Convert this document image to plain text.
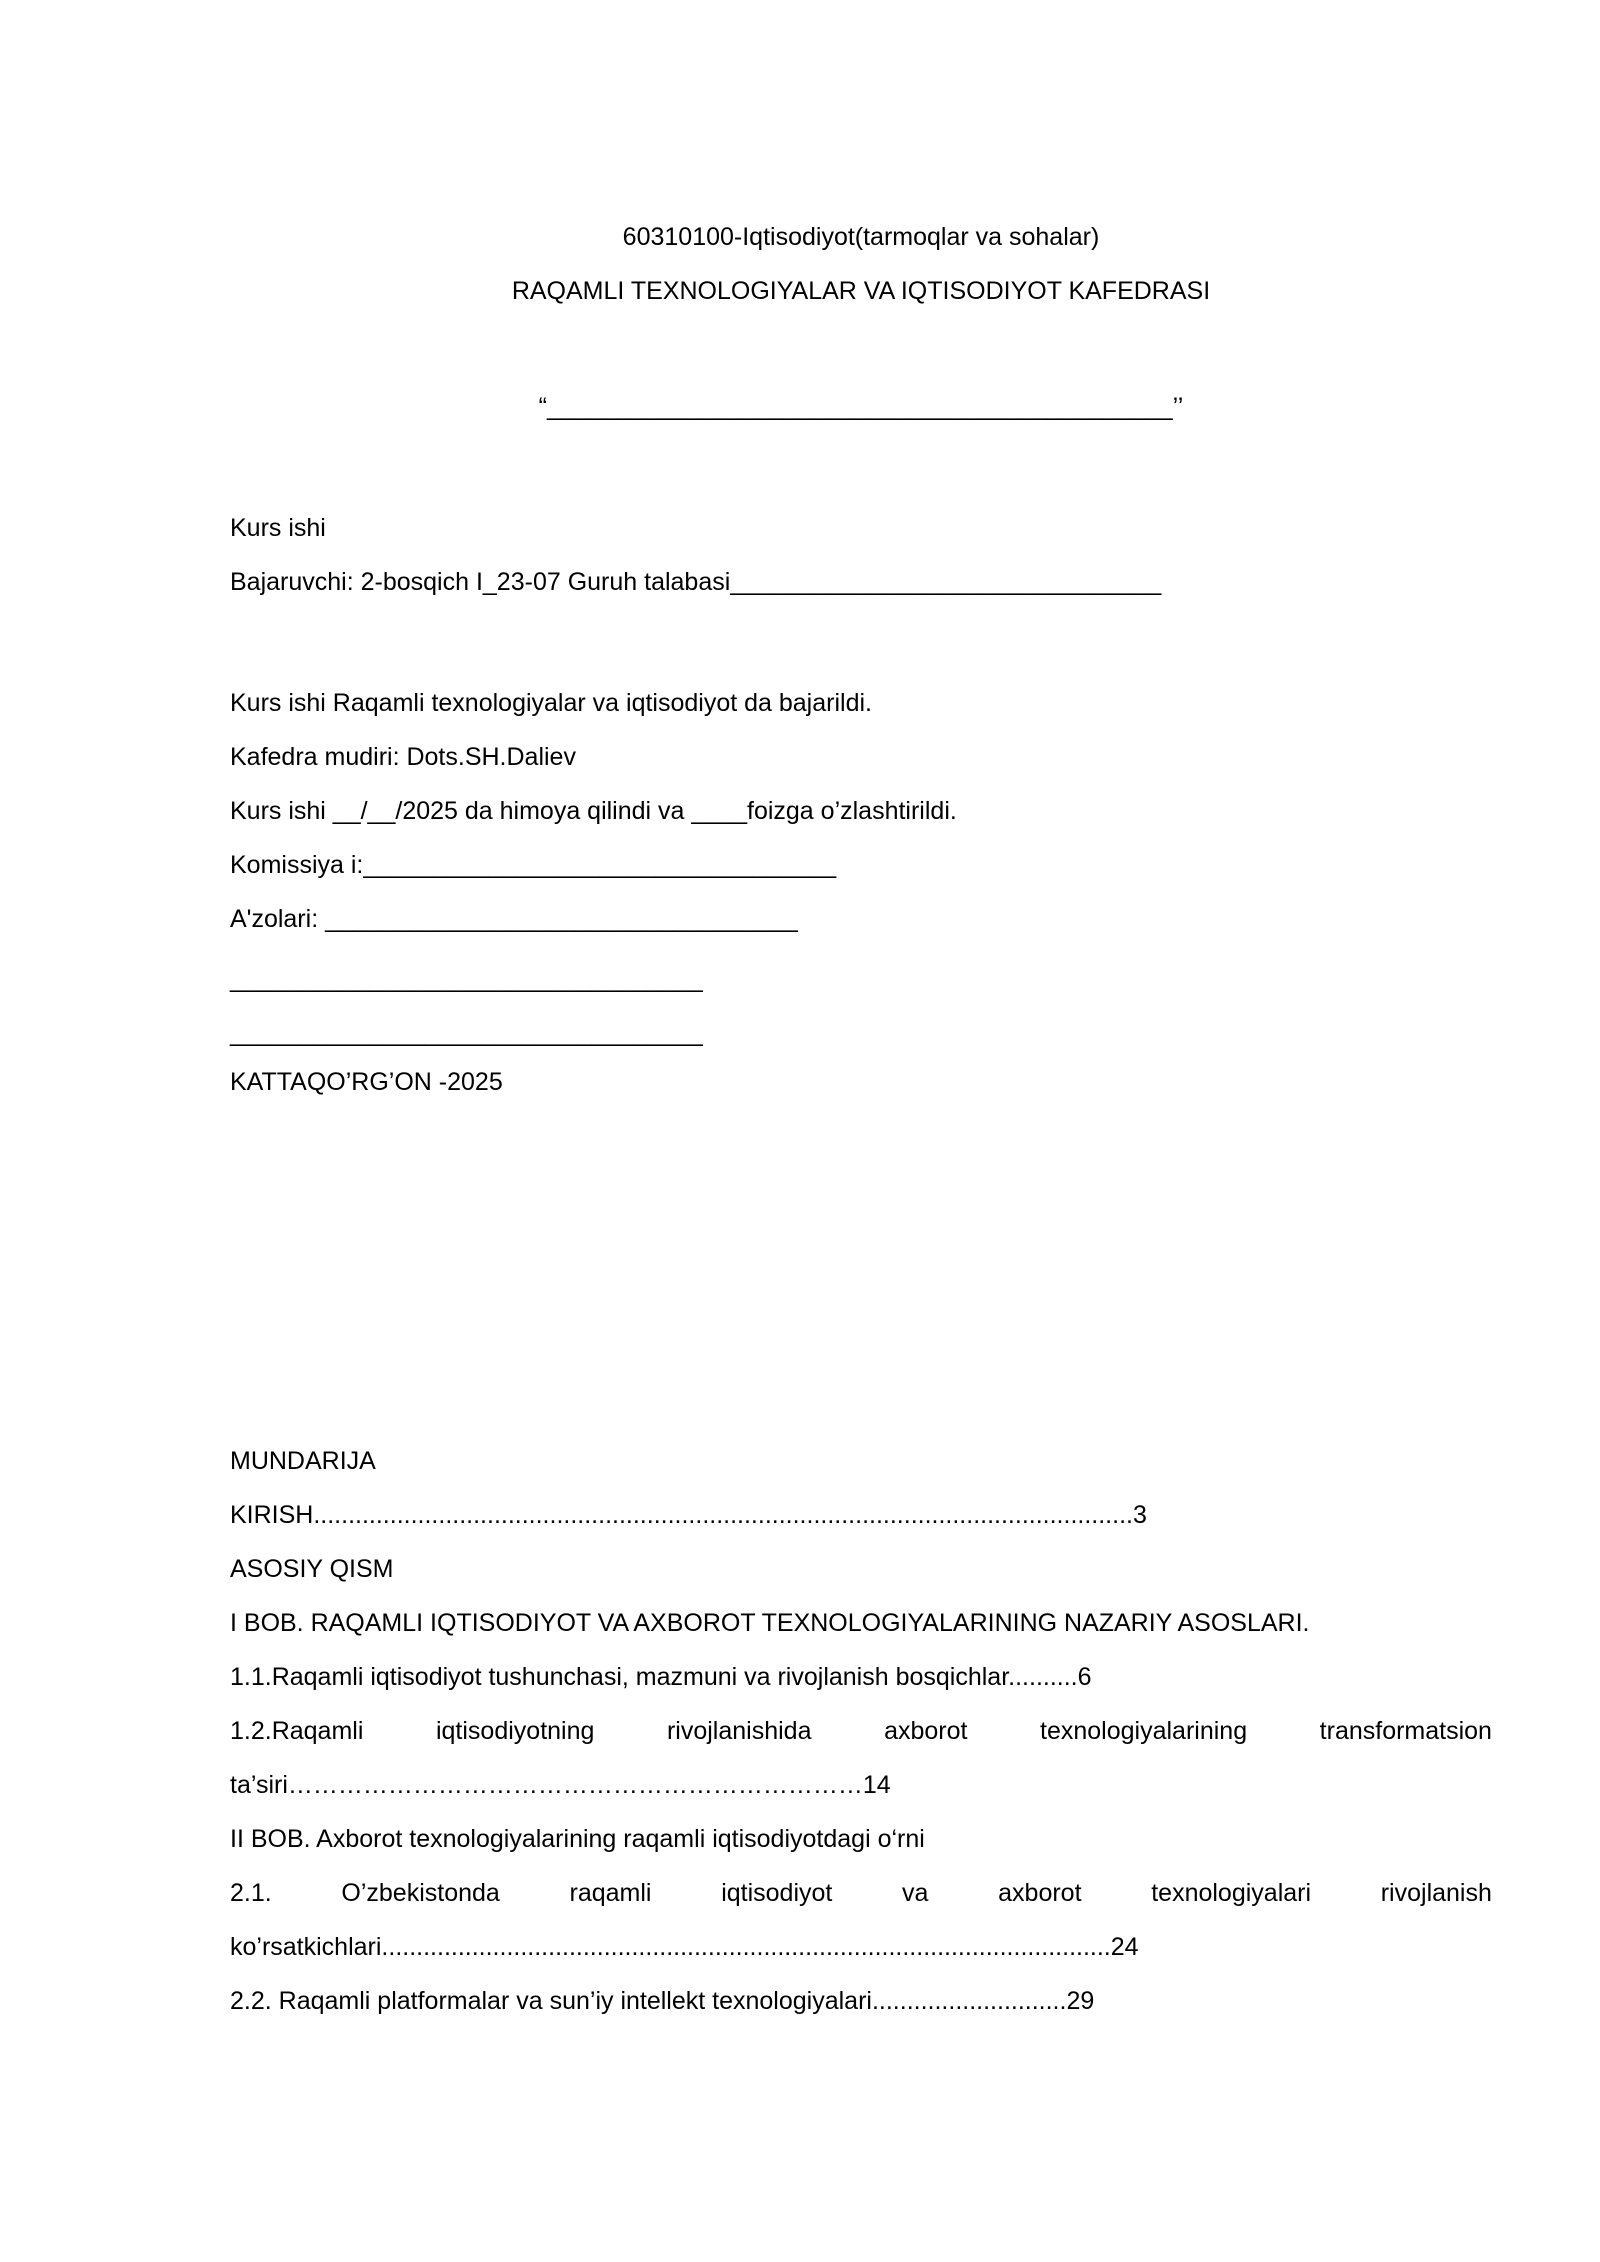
60310100-Iqtisodiyot(tarmoqlar va sohalar)
RAQAMLI TEXNOLOGIYALAR VA IQTISODIYOT KAFEDRASI
“_____________________________________________’’
Kurs ishi
Bajaruvchi: 2-bosqich I_23-07 Guruh talabasi_______________________________
Kurs ishi Raqamli texnologiyalar va iqtisodiyot da bajarildi.
Kafedra mudiri: Dots.SH.Daliev
Kurs ishi __/__/2025 da himoya qilindi va ____foizga o’zlashtirildi.
Komissiya i:__________________________________
A'zolari: __________________________________
__________________________________
__________________________________
KATTAQO’RG’ON -2025
MUNDARIJA
KIRISH......................................................................................................................3
ASOSIY QISM
I BOB. RAQAMLI IQTISODIYOT VA AXBOROT TEXNOLOGIYALARINING NAZARIY ASOSLARI.
1.1.Raqamli iqtisodiyot tushunchasi, mazmuni va rivojlanish bosqichlar..........6
1.2.Raqamli	iqtisodiyotning	rivojlanishida	axborot	texnologiyalarining	transformatsion
ta’siri……………………………………………………………14
II BOB. Axborot texnologiyalarining raqamli iqtisodiyotdagi o‘rni
2.1.	O’zbekistonda	raqamli	iqtisodiyot	va	axborot	texnologiyalari	rivojlanish
ko’rsatkichlari.........................................................................................................24
2.2. Raqamli platformalar va sun’iy intellekt texnologiyalari............................29
